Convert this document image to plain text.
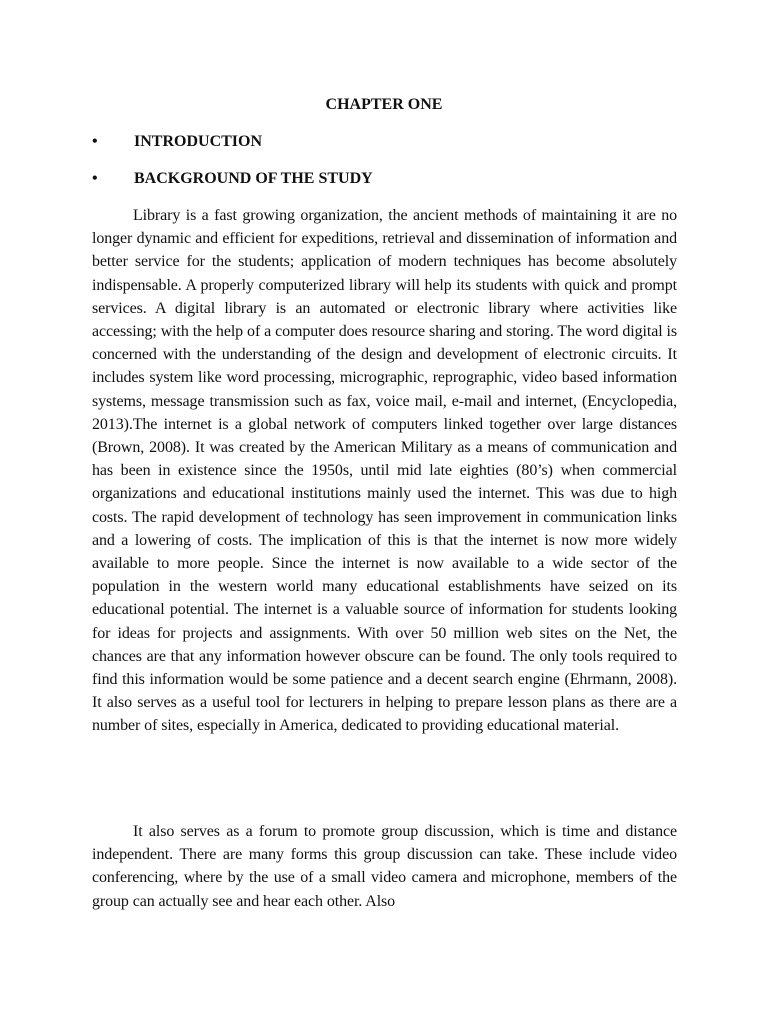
CHAPTER ONE
• INTRODUCTION
• BACKGROUND OF THE STUDY

Library is a fast growing organization, the ancient methods of maintaining it are no longer dynamic and efficient for expeditions, retrieval and dissemination of information and better service for the students; application of modern techniques has become absolutely indispensable. A properly computerized library will help its students with quick and prompt services. A digital library is an automated or electronic library where activities like accessing; with the help of a computer does resource sharing and storing. The word digital is concerned with the understanding of the design and development of electronic circuits. It includes system like word processing, micrographic, reprographic, video based information systems, message transmission such as fax, voice mail, e-mail and internet, (Encyclopedia, 2013).The internet is a global network of computers linked together over large distances (Brown, 2008). It was created by the American Military as a means of communication and has been in existence since the 1950s, until mid late eighties (80’s) when commercial organizations and educational institutions mainly used the internet. This was due to high costs. The rapid development of technology has seen improvement in communication links and a lowering of costs. The implication of this is that the internet is now more widely available to more people. Since the internet is now available to a wide sector of the population in the western world many educational establishments have seized on its educational potential. The internet is a valuable source of information for students looking for ideas for projects and assignments. With over 50 million web sites on the Net, the chances are that any information however obscure can be found. The only tools required to find this information would be some patience and a decent search engine (Ehrmann, 2008). It also serves as a useful tool for lecturers in helping to prepare lesson plans as there are a number of sites, especially in America, dedicated to providing educational material.

It also serves as a forum to promote group discussion, which is time and distance independent. There are many forms this group discussion can take. These include video conferencing, where by the use of a small video camera and microphone, members of the group can actually see and hear each other. Also
